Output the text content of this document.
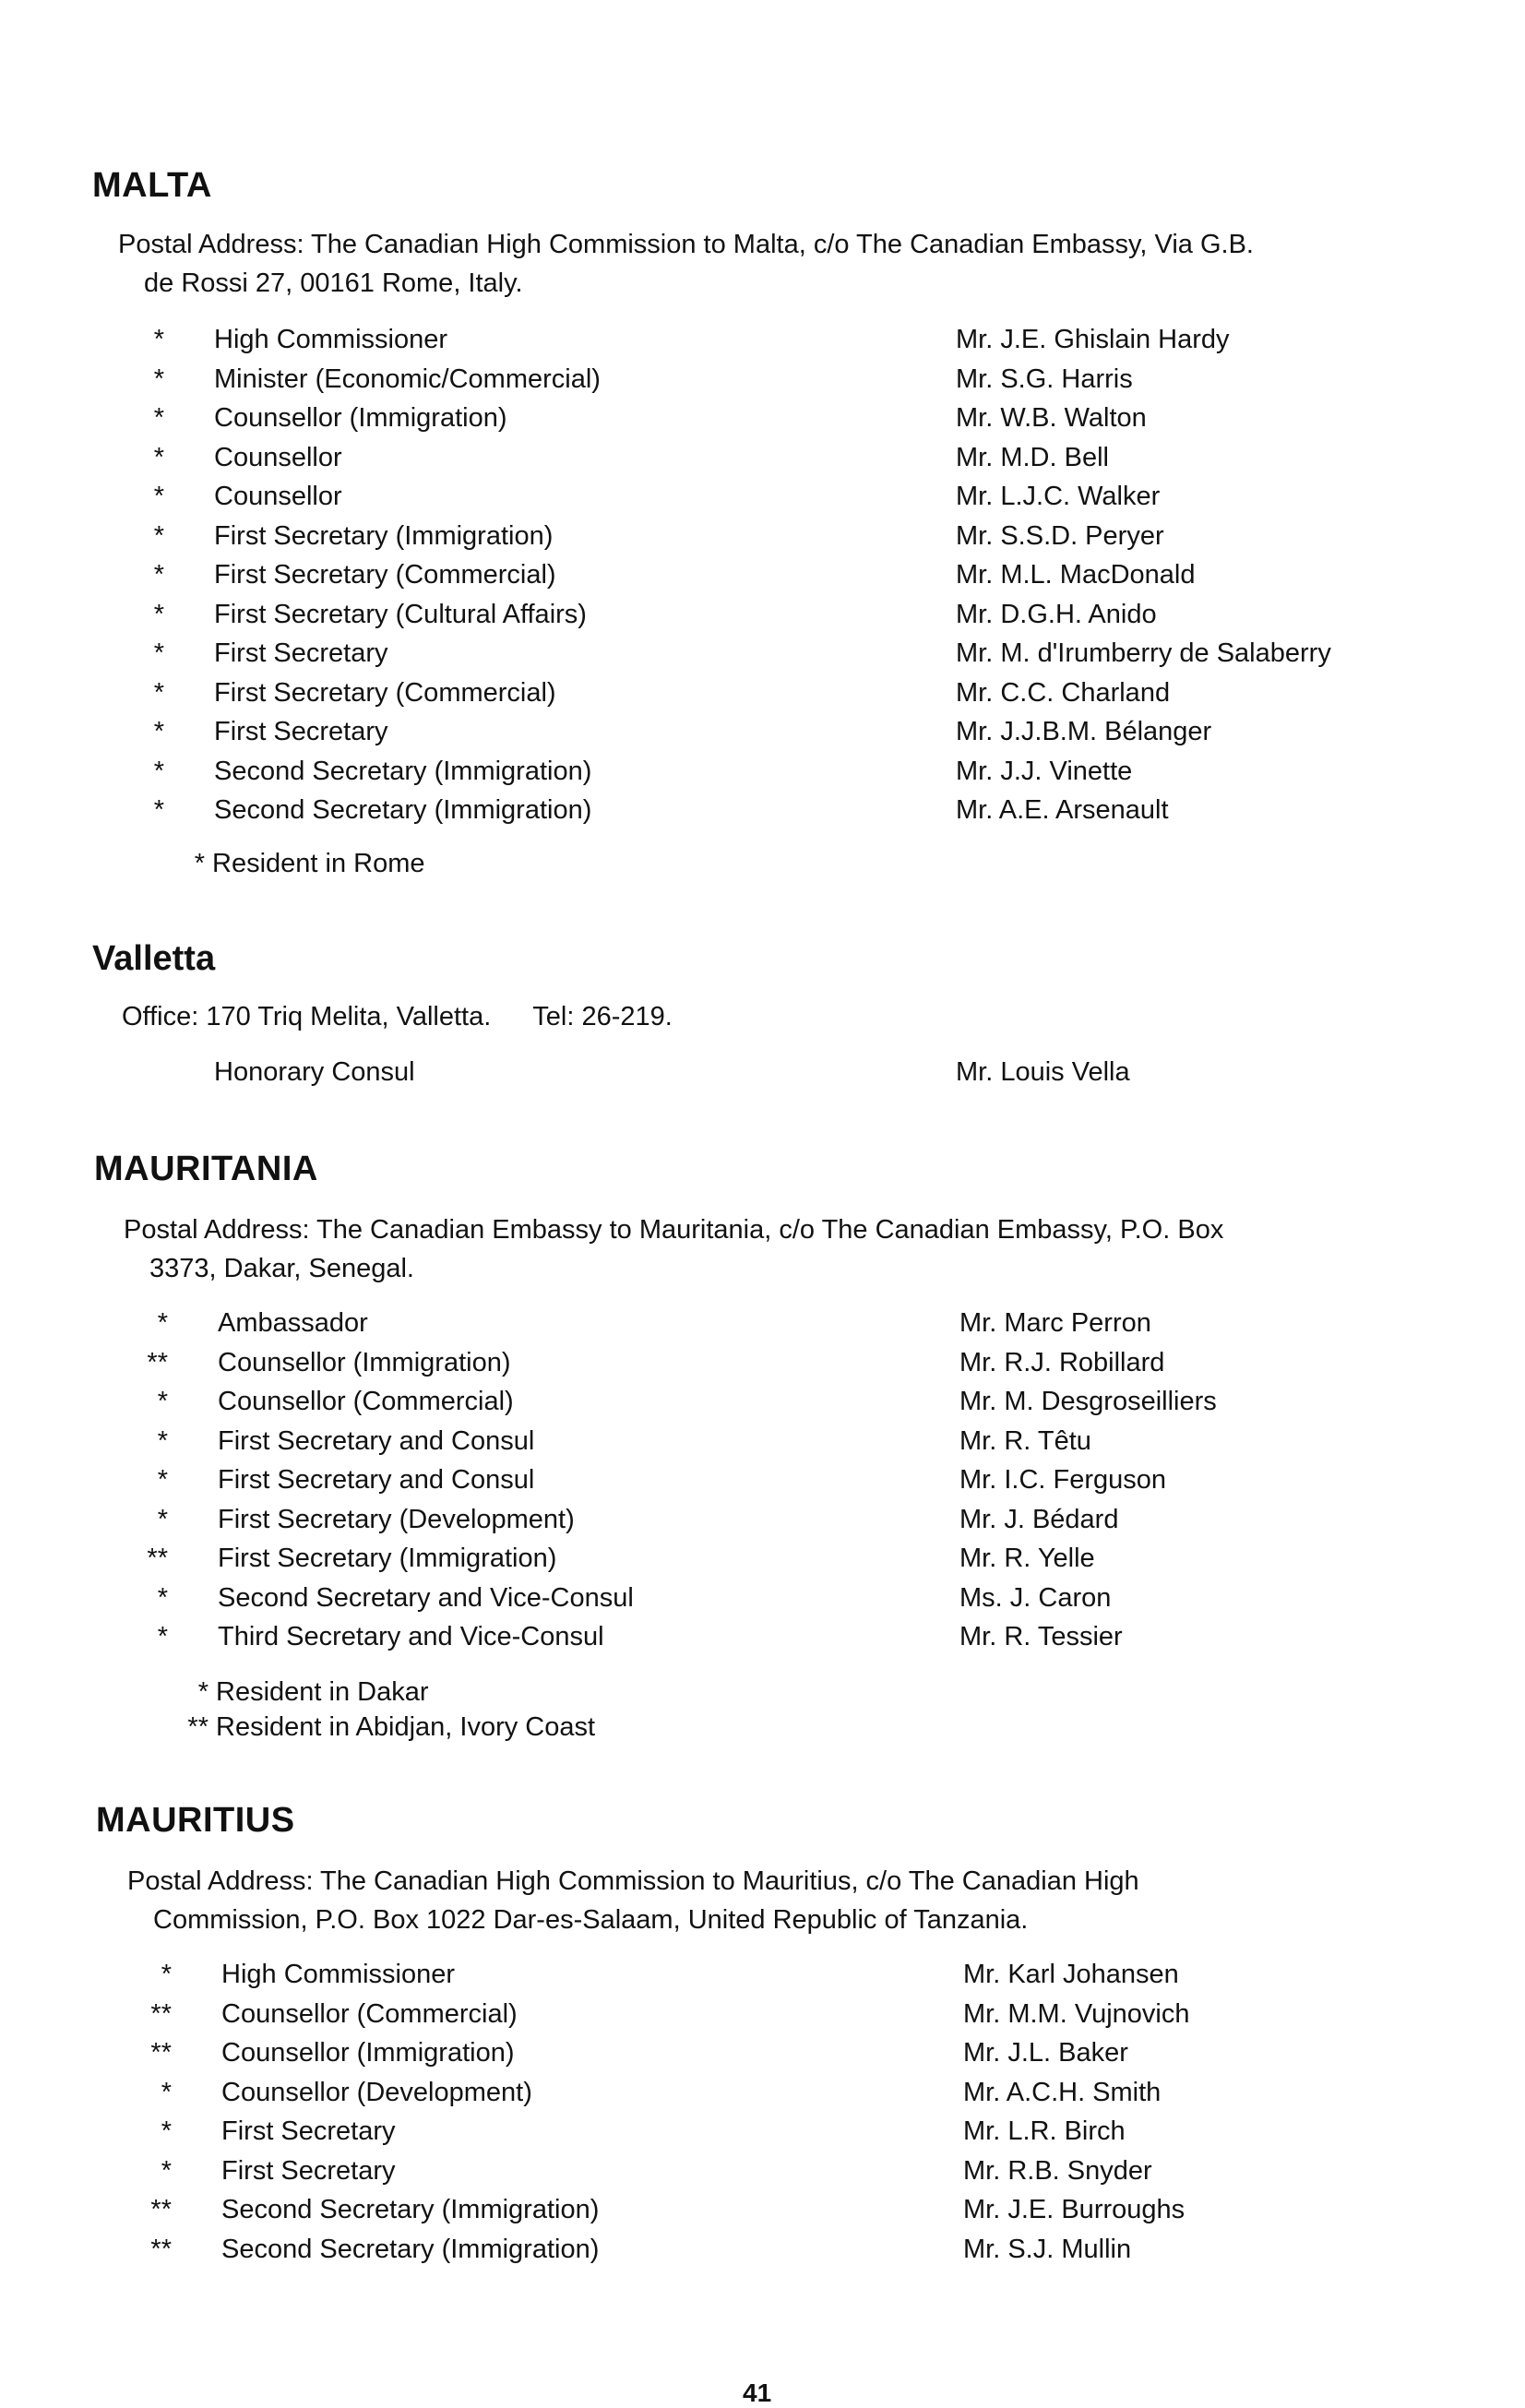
MALTA
Postal Address: The Canadian High Commission to Malta, c/o The Canadian Embassy, Via G.B.
de Rossi 27, 00161 Rome, Italy.
* High Commissioner	Mr. J.E. Ghislain Hardy
* Minister (Economic/Commercial)	Mr. S.G. Harris
* Counsellor (Immigration)	Mr. W.B. Walton
* Counsellor	Mr. M.D. Bell
* Counsellor	Mr. L.J.C. Walker
* First Secretary (Immigration)	Mr. S.S.D. Peryer
* First Secretary (Commercial)	Mr. M.L. MacDonald
* First Secretary (Cultural Affairs)	Mr. D.G.H. Anido
* First Secretary	Mr. M. d'Irumberry de Salaberry
* First Secretary (Commercial)	Mr. C.C. Charland
* First Secretary	Mr. J.J.B.M. Bélanger
* Second Secretary (Immigration)	Mr. J.J. Vinette
* Second Secretary (Immigration)	Mr. A.E. Arsenault
* Resident in Rome
Valletta
Office: 170 Triq Melita, Valletta. Tel: 26-219.
Honorary Consul	Mr. Louis Vella
MAURITANIA
Postal Address: The Canadian Embassy to Mauritania, c/o The Canadian Embassy, P.O. Box
3373, Dakar, Senegal.
* Ambassador	Mr. Marc Perron
** Counsellor (Immigration)	Mr. R.J. Robillard
* Counsellor (Commercial)	Mr. M. Desgroseilliers
* First Secretary and Consul	Mr. R. Têtu
* First Secretary and Consul	Mr. I.C. Ferguson
* First Secretary (Development)	Mr. J. Bédard
** First Secretary (Immigration)	Mr. R. Yelle
* Second Secretary and Vice-Consul	Ms. J. Caron
* Third Secretary and Vice-Consul	Mr. R. Tessier
* Resident in Dakar
** Resident in Abidjan, Ivory Coast
MAURITIUS
Postal Address: The Canadian High Commission to Mauritius, c/o The Canadian High
Commission, P.O. Box 1022 Dar-es-Salaam, United Republic of Tanzania.
* High Commissioner	Mr. Karl Johansen
** Counsellor (Commercial)	Mr. M.M. Vujnovich
** Counsellor (Immigration)	Mr. J.L. Baker
* Counsellor (Development)	Mr. A.C.H. Smith
* First Secretary	Mr. L.R. Birch
* First Secretary	Mr. R.B. Snyder
** Second Secretary (Immigration)	Mr. J.E. Burroughs
** Second Secretary (Immigration)	Mr. S.J. Mullin
41
